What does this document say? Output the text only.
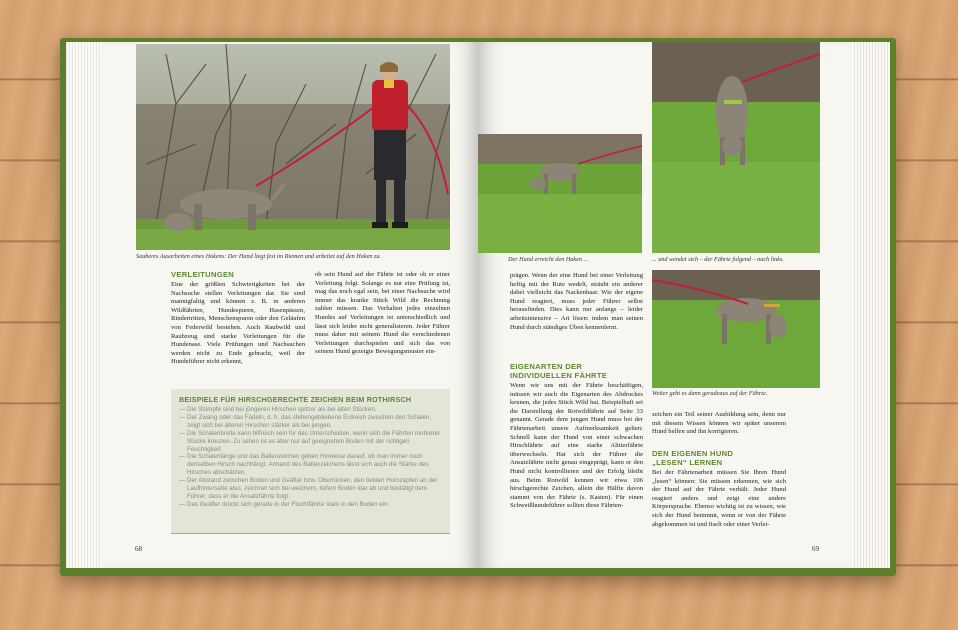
Sauberes Ausarbeiten eines Hakens: Der Hund liegt fest im Riemen und arbeitet auf den Haken zu.
VERLEITUNGEN
Eine der größten Schwierigkeiten bei der Nachsuche stellen Verleitungen dar. Sie sind mannigfaltig und können z. B. in anderen Wildfährten, Hundespuren, Hasenpässen, Rindertritten, Menschenspuren oder den Geläufen von Federwild bestehen. Auch Raubwild und Raubzeug sind starke Verleitungen für die Hundenase. Viele Prüfungen und Nachsuchen werden nicht zu Ende gebracht, weil der Hundeführer nicht erkennt,
ob sein Hund auf der Fährte ist oder ob er einer Verleitung folgt. Solange es nur eine Prüfung ist, mag das noch egal sein, bei einer Nachsuche wird immer das kranke Stück Wild die Rechnung zahlen müssen. Das Verhalten jedes einzelnen Hundes auf Verleitungen ist unterschiedlich und lässt sich leider nicht generalisieren. Jeder Führer muss daher mit seinem Hund die verschiedenen Verleitungen durchspielen und sich das von seinem Hund gezeigte Bewegungsmuster ein-
BEISPIELE FÜR HIRSCHGERECHTE ZEICHEN BEIM ROTHIRSCH
— Die Stümpfe sind bei jüngeren Hirschen spitzer als bei alten Stücken.
— Der Zwang oder das Fädeln, d. h. das stehengebliebene Erdreich zwischen den Schalen, zeigt sich bei älteren Hirschen stärker als bei jungen.
— Die Schalenbreite kann hilfreich sein für das Unterscheiden, wenn sich die Fährten mehrerer Stücke kreuzen. Zu sehen ist es aber nur auf geeignetem Boden mit der richtigen Feuchtigkeit.
— Die Schalenlänge und das Ballenzeichen geben Hinweise darauf, ob man immer noch denselben Hirsch nachhängt. Anhand des Ballenzeichens lässt sich auch die Stärke des Hirsches abschätzen.
— Der Abstand zwischen Boden und Geäfter bzw. Oberrücken, den beiden Hornzapfen an der Laufhinterseite also, zeichnet sich bei weichem, tiefem Boden klar ab und bestätigt dem Führer, dass er die Ansatzfährte folgt.
— Das Geäfter drückt sich gerade in der Fluchtfährte stark in den Boden ein.
68
Der Hund erreicht den Haken ...	... und wendet sich – der Fährte folgend – nach links.
Weiter geht es dann geradeaus auf der Fährte.
prägen. Wenn der eine Hund bei einer Verleitung heftig mit der Rute wedelt, sträubt ein anderer dabei vielleicht das Nackenhaar. Wie der eigene Hund reagiert, muss jeder Führer selbst herausfinden. Dies kann nur anfangs – leider arbeitsintensive – Art lösen: indem man seinen Hund durch ständiges Üben kennenlernt.
EIGENARTEN DER
INDIVIDUELLEN FÄHRTE
Wenn wir uns mit der Fährte beschäftigen, müssen wir auch die Eigenarten des Abdruckes kennen, die jedes Stück Wild hat. Beispielhaft sei die Darstellung der Rotwildfährte auf Seite 33 genannt. Gerade dem jungen Hund muss bei der Fährtenarbeit unsere Aufmerksamkeit gelten: Schnell kann der Hund von einer schwachen Hirschfährte auf eine starke Alttierfährte überwechseln. Hat sich der Führer die Ansatzfährte nicht genau eingeprägt, kann er den Hund nicht kontrollieren und der Erfolg bleibt aus. Beim Rotwild kennen wir etwa 106 hirschgerechte Zeichen, allein die Hälfte davon stammt von der Fährte (s. Kasten). Für einen Schweißhundeführer sollten diese Fährten-
zeichen ein Teil seiner Ausbildung sein, denn nur mit diesem Wissen können wir später unserem Hund helfen und ihn korrigieren.
DEN EIGENEN HUND
„LESEN“ LERNEN
Bei der Fährtenarbeit müssen Sie Ihren Hund „lesen“ können: Sie müssen erkennen, wie sich der Hund auf der Fährte verhält. Jeder Hund reagiert anders und zeigt eine andere Körpersprache. Ebenso wichtig ist zu wissen, wie sich der Hund benimmt, wenn er von der Fährte abgekommen ist und fiselt oder einer Verlei-
69
